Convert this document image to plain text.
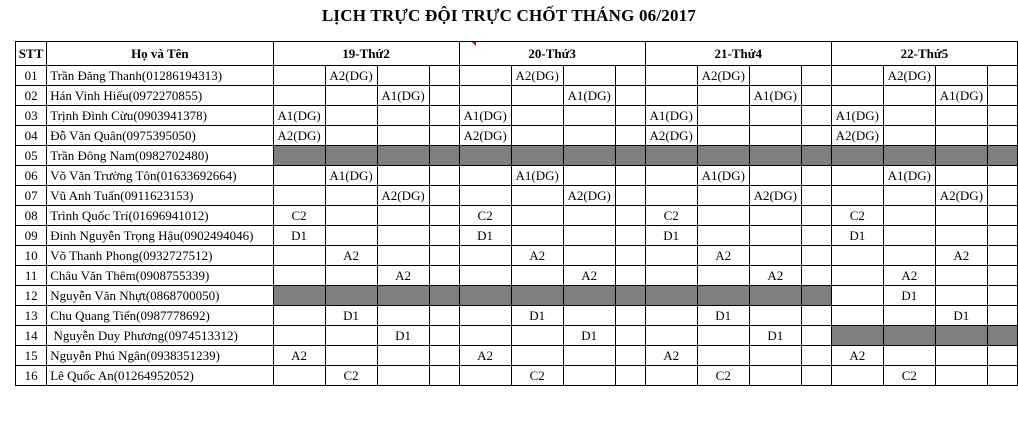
LỊCH TRỰC ĐỘI TRỰC CHỐT THÁNG 06/2017
STT	Họ và Tên	19-Thứ2				20-Thứ3				21-Thứ4				22-Thứ5			
01	Trần Đăng Thanh(01286194313)		A2(DG)				A2(DG)				A2(DG)				A2(DG)		
02	Hán Vinh Hiếu(0972270855)			A1(DG)				A1(DG)				A1(DG)				A1(DG)	
03	Trịnh Đình Cừu(0903941378)	A1(DG)				A1(DG)				A1(DG)				A1(DG)			
04	Đỗ Văn Quân(0975395050)	A2(DG)				A2(DG)				A2(DG)				A2(DG)			
05	Trần Đông Nam(0982702480)																
06	Võ Văn Trường Tôn(01633692664)		A1(DG)				A1(DG)				A1(DG)				A1(DG)		
07	Vũ Anh Tuấn(0911623153)			A2(DG)				A2(DG)				A2(DG)				A2(DG)	
08	Trình Quốc Trí(01696941012)	C2				C2				C2				C2			
09	Đinh Nguyễn Trọng Hậu(0902494046)	D1				D1				D1				D1			
10	Võ Thanh Phong(0932727512)		A2				A2				A2					A2	
11	Châu Văn Thêm(0908755339)			A2				A2				A2			A2		
12	Nguyễn Văn Nhựt(0868700050)														D1		
13	Chu Quang Tiến(0987778692)		D1				D1				D1					D1	
14	Nguyễn Duy Phương(0974513312)			D1				D1				D1					
15	Nguyễn Phú Ngân(0938351239)	A2				A2				A2				A2			
16	Lê Quốc An(01264952052)		C2				C2				C2				C2		
